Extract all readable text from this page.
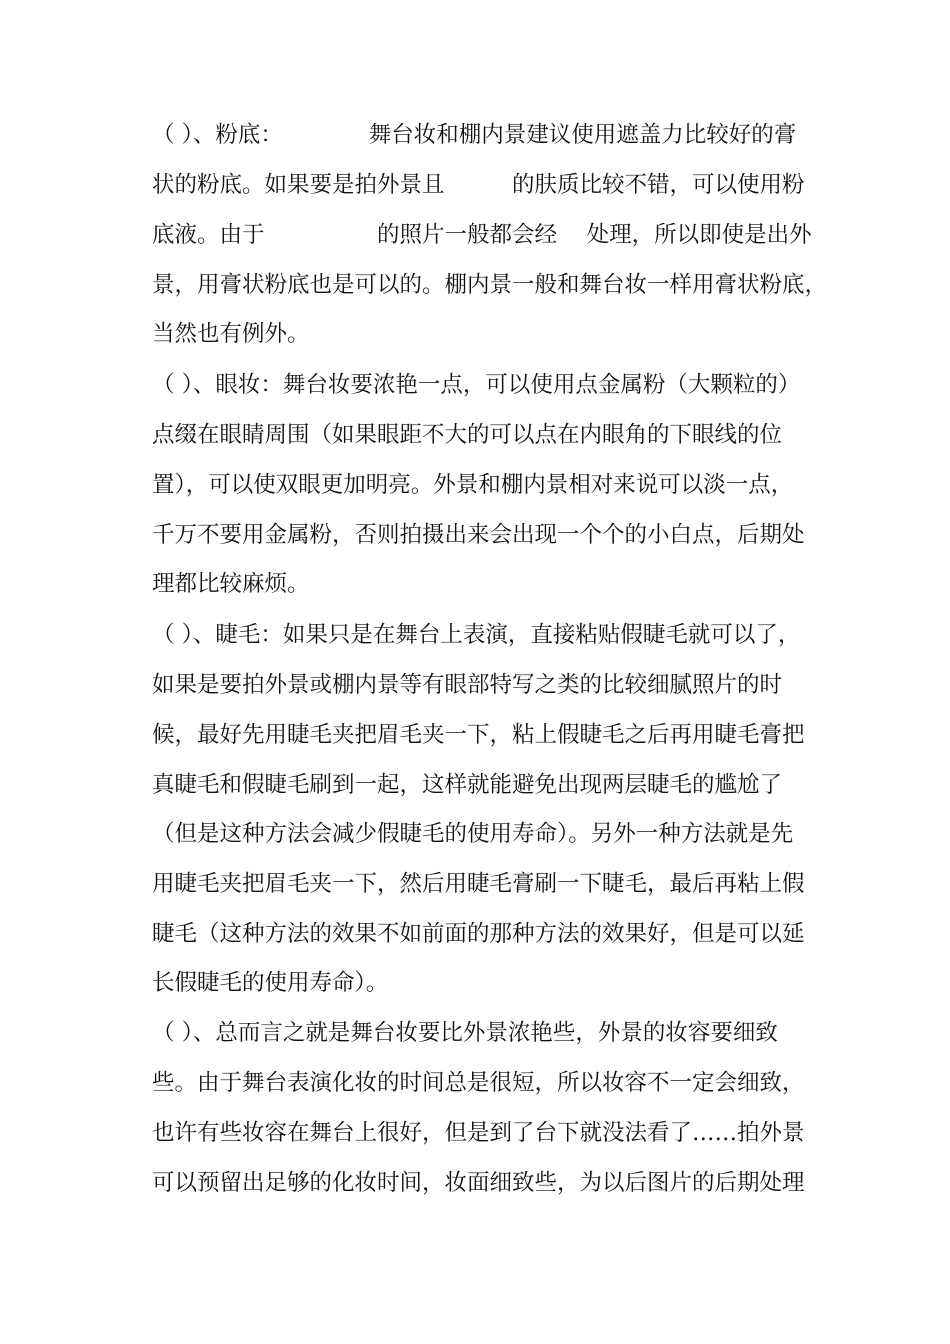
（ ）、粉底：　　　　 舞台妆和棚内景建议使用遮盖力比较好的膏
状的粉底。如果要是拍外景且　　　的肤质比较不错，可以使用粉
底液。由于　　　　　的照片一般都会经　 处理，所以即使是出外
景，用膏状粉底也是可以的。棚内景一般和舞台妆一样用膏状粉底，
当然也有例外。
（ ）、眼妆：舞台妆要浓艳一点，可以使用点金属粉（大颗粒的）
点缀在眼睛周围（如果眼距不大的可以点在内眼角的下眼线的位
置），可以使双眼更加明亮。外景和棚内景相对来说可以淡一点，
千万不要用金属粉，否则拍摄出来会出现一个个的小白点，后期处
理都比较麻烦。
（ ）、睫毛：如果只是在舞台上表演，直接粘贴假睫毛就可以了，
如果是要拍外景或棚内景等有眼部特写之类的比较细腻照片的时
候，最好先用睫毛夹把眉毛夹一下，粘上假睫毛之后再用睫毛膏把
真睫毛和假睫毛刷到一起，这样就能避免出现两层睫毛的尴尬了
（但是这种方法会减少假睫毛的使用寿命）。另外一种方法就是先
用睫毛夹把眉毛夹一下，然后用睫毛膏刷一下睫毛，最后再粘上假
睫毛（这种方法的效果不如前面的那种方法的效果好，但是可以延
长假睫毛的使用寿命）。
（ ）、总而言之就是舞台妆要比外景浓艳些，外景的妆容要细致
些。由于舞台表演化妆的时间总是很短，所以妆容不一定会细致，
也许有些妆容在舞台上很好，但是到了台下就没法看了……拍外景
可以预留出足够的化妆时间，妆面细致些，为以后图片的后期处理
